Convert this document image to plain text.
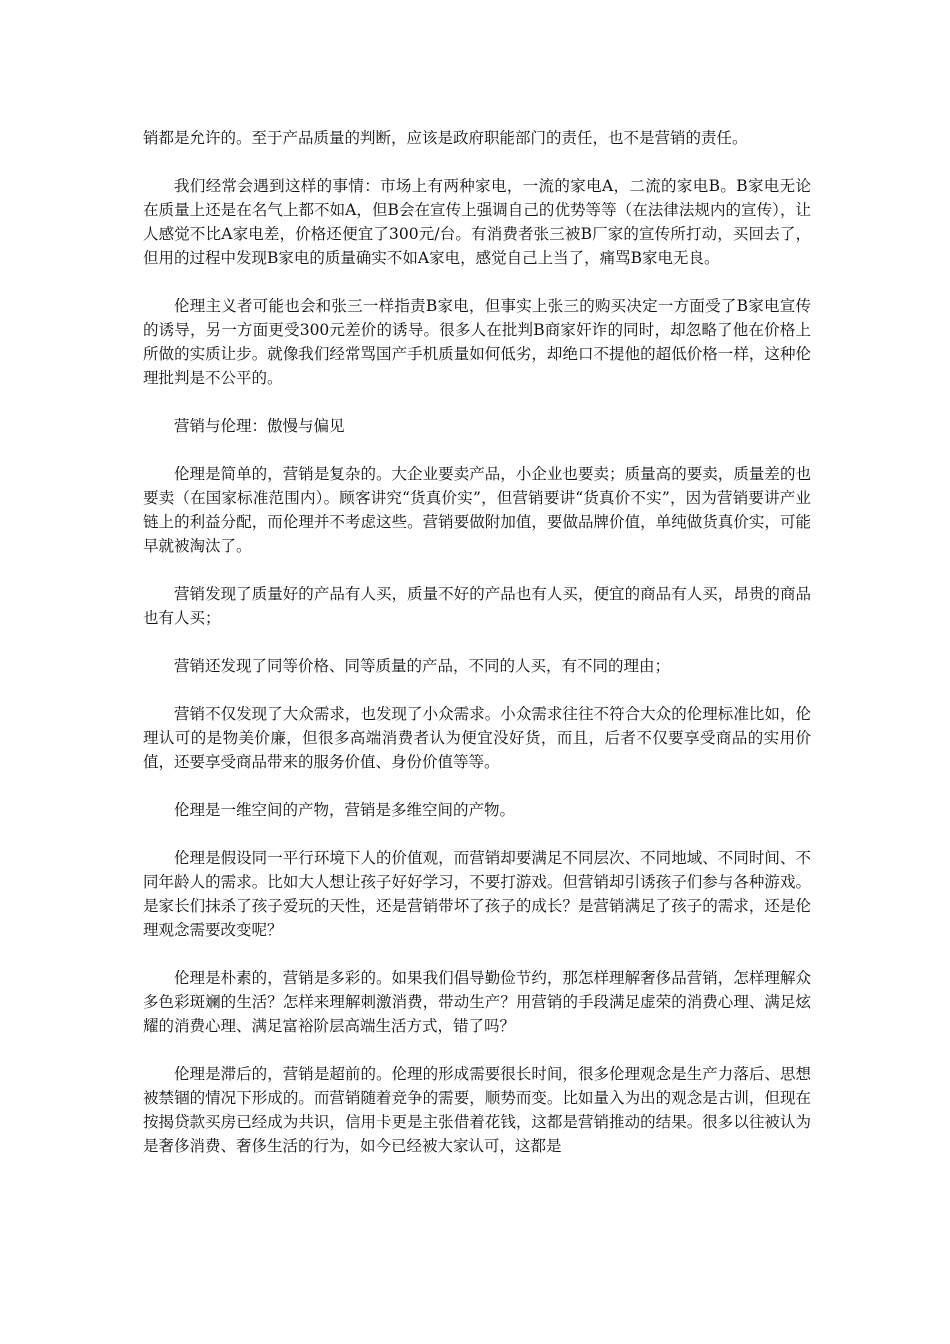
销都是允许的。至于产品质量的判断，应该是政府职能部门的责任，也不是营销的责任。

我们经常会遇到这样的事情：市场上有两种家电，一流的家电A，二流的家电B。B家电无论在质量上还是在名气上都不如A，但B会在宣传上强调自己的优势等等（在法律法规内的宣传），让人感觉不比A家电差，价格还便宜了300元/台。有消费者张三被B厂家的宣传所打动，买回去了，但用的过程中发现B家电的质量确实不如A家电，感觉自己上当了，痛骂B家电无良。

伦理主义者可能也会和张三一样指责B家电，但事实上张三的购买决定一方面受了B家电宣传的诱导，另一方面更受300元差价的诱导。很多人在批判B商家奸诈的同时，却忽略了他在价格上所做的实质让步。就像我们经常骂国产手机质量如何低劣，却绝口不提他的超低价格一样，这种伦理批判是不公平的。

营销与伦理：傲慢与偏见

伦理是简单的，营销是复杂的。大企业要卖产品，小企业也要卖；质量高的要卖，质量差的也要卖（在国家标准范围内）。顾客讲究“货真价实”，但营销要讲“货真价不实”，因为营销要讲产业链上的利益分配，而伦理并不考虑这些。营销要做附加值，要做品牌价值，单纯做货真价实，可能早就被淘汰了。

营销发现了质量好的产品有人买，质量不好的产品也有人买，便宜的商品有人买，昂贵的商品也有人买；

营销还发现了同等价格、同等质量的产品，不同的人买，有不同的理由；

营销不仅发现了大众需求，也发现了小众需求。小众需求往往不符合大众的伦理标准比如，伦理认可的是物美价廉，但很多高端消费者认为便宜没好货，而且，后者不仅要享受商品的实用价值，还要享受商品带来的服务价值、身份价值等等。

伦理是一维空间的产物，营销是多维空间的产物。

伦理是假设同一平行环境下人的价值观，而营销却要满足不同层次、不同地域、不同时间、不同年龄人的需求。比如大人想让孩子好好学习，不要打游戏。但营销却引诱孩子们参与各种游戏。是家长们抹杀了孩子爱玩的天性，还是营销带坏了孩子的成长？是营销满足了孩子的需求，还是伦理观念需要改变呢？

伦理是朴素的，营销是多彩的。如果我们倡导勤俭节约，那怎样理解奢侈品营销，怎样理解众多色彩斑斓的生活？怎样来理解刺激消费，带动生产？用营销的手段满足虚荣的消费心理、满足炫耀的消费心理、满足富裕阶层高端生活方式，错了吗？

伦理是滞后的，营销是超前的。伦理的形成需要很长时间，很多伦理观念是生产力落后、思想被禁锢的情况下形成的。而营销随着竞争的需要，顺势而变。比如量入为出的观念是古训，但现在按揭贷款买房已经成为共识，信用卡更是主张借着花钱，这都是营销推动的结果。很多以往被认为是奢侈消费、奢侈生活的行为，如今已经被大家认可，这都是
